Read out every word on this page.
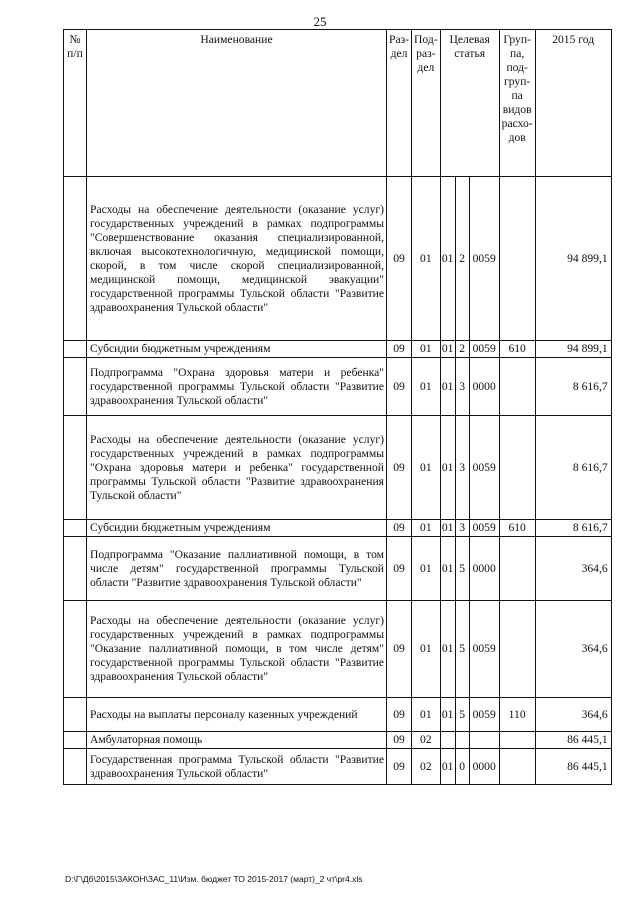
25
№ п/п	Наименование	Раз-дел	Под-раз-дел	Целевая статья			Груп-па, под-груп-па видов расхо-дов	2015 год

	Расходы на обеспечение деятельности (оказание услуг) государственных учреждений в рамках подпрограммы "Совершенствование оказания специализированной, включая высокотехнологичную, медицинской помощи, скорой, в том числе скорой специализированной, медицинской помощи, медицинской эвакуации" государственной программы Тульской области "Развитие здравоохранения Тульской области"	09	01	01	2	0059		94 899,1
	Субсидии бюджетным учреждениям	09	01	01	2	0059	610	94 899,1
	Подпрограмма "Охрана здоровья матери и ребенка" государственной программы Тульской области "Развитие здравоохранения Тульской области"	09	01	01	3	0000		8 616,7
	Расходы на обеспечение деятельности (оказание услуг) государственных учреждений в рамках подпрограммы "Охрана здоровья матери и ребенка" государственной программы Тульской области "Развитие здравоохранения Тульской области"	09	01	01	3	0059		8 616,7
	Субсидии бюджетным учреждениям	09	01	01	3	0059	610	8 616,7
	Подпрограмма "Оказание паллиативной помощи, в том числе детям" государственной программы Тульской области "Развитие здравоохранения Тульской области"	09	01	01	5	0000		364,6
	Расходы на обеспечение деятельности (оказание услуг) государственных учреждений в рамках подпрограммы "Оказание паллиативной помощи, в том числе детям" государственной программы Тульской области "Развитие здравоохранения Тульской области"	09	01	01	5	0059		364,6
	Расходы на выплаты персоналу казенных учреждений	09	01	01	5	0059	110	364,6
	Амбулаторная помощь	09	02					86 445,1
	Государственная программа Тульской области "Развитие здравоохранения Тульской области"	09	02	01	0	0000		86 445,1
D:\Г\Дб\2015\ЗАКОН\ЗАС_11\Изм. бюджет ТО 2015-2017 (март)_2 чт\pr4.xls
